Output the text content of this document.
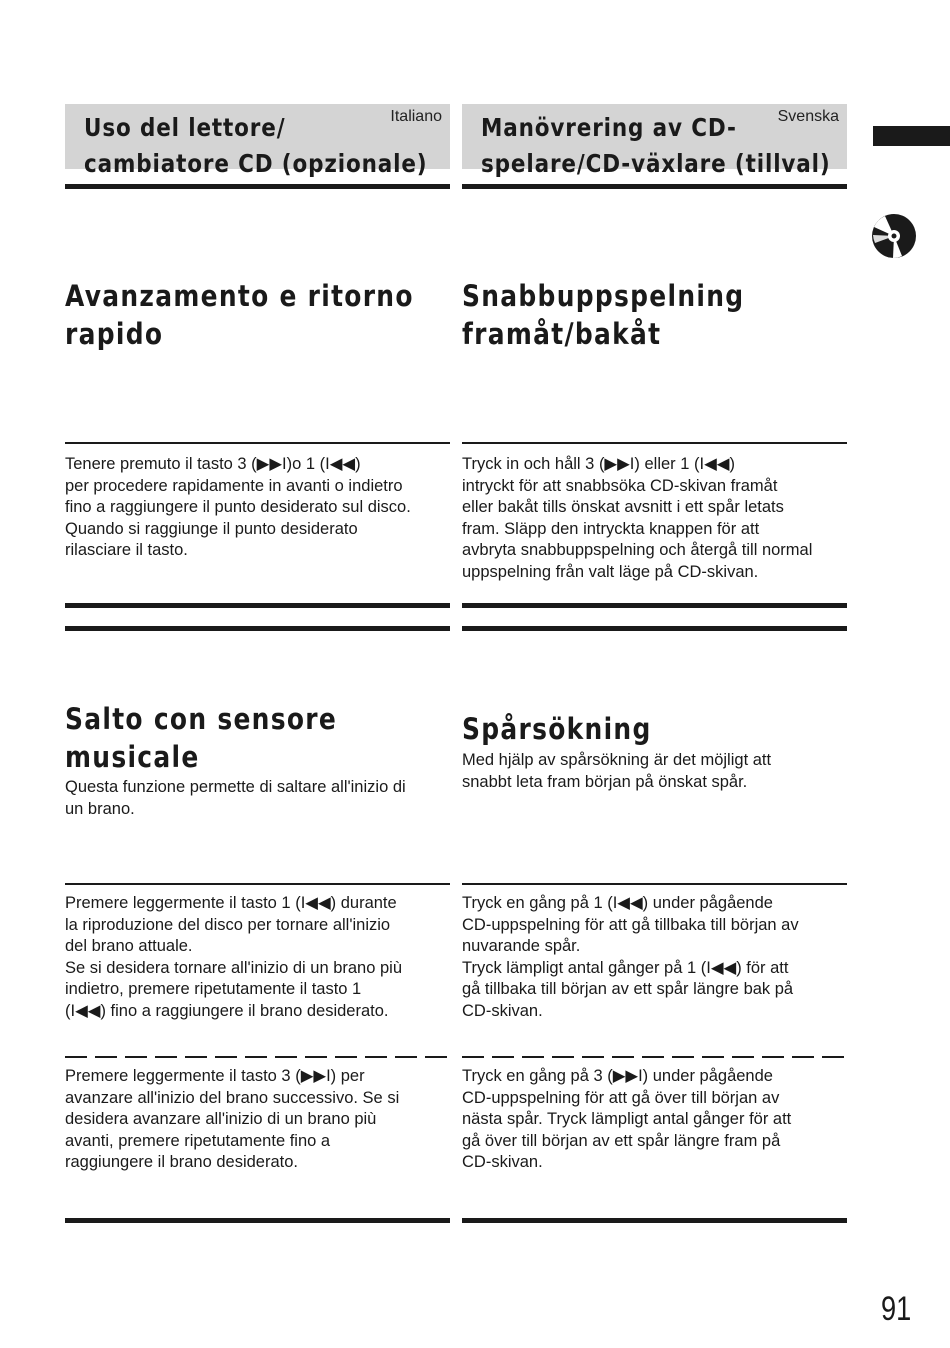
Uso del lettore/
cambiatore CD (opzionale)
Italiano Manövrering av CD-
spelare/CD-växlare (tillval)
Svenska
Avanzamento e ritorno
rapido

Tenere premuto il tasto 3 (▶▶I)o 1 (I◀◀)
per procedere rapidamente in avanti o indietro
fino a raggiungere il punto desiderato sul disco.
Quando si raggiunge il punto desiderato
rilasciare il tasto.

Snabbuppspelning
framåt/bakåt

Tryck in och håll 3 (▶▶I) eller 1 (I◀◀)
intryckt för att snabbsöka CD-skivan framåt
eller bakåt tills önskat avsnitt i ett spår letats
fram. Släpp den intryckta knappen för att
avbryta snabbuppspelning och återgå till normal
uppspelning från valt läge på CD-skivan.

Salto con sensore
musicale

Questa funzione permette di saltare all'inizio di
un brano.

Premere leggermente il tasto 1 (I◀◀) durante
la riproduzione del disco per tornare all'inizio
del brano attuale.
Se si desidera tornare all'inizio di un brano più
indietro, premere ripetutamente il tasto 1
(I◀◀) fino a raggiungere il brano desiderato.

Premere leggermente il tasto 3 (▶▶I) per
avanzare all'inizio del brano successivo. Se si
desidera avanzare all'inizio di un brano più
avanti, premere ripetutamente fino a
raggiungere il brano desiderato.

Spårsökning

Med hjälp av spårsökning är det möjligt att
snabbt leta fram början på önskat spår.

Tryck en gång på 1 (I◀◀) under pågående
CD-uppspelning för att gå tillbaka till början av
nuvarande spår.
Tryck lämpligt antal gånger på 1 (I◀◀) för att
gå tillbaka till början av ett spår längre bak på
CD-skivan.

Tryck en gång på 3 (▶▶I) under pågående
CD-uppspelning för att gå över till början av
nästa spår. Tryck lämpligt antal gånger för att
gå över till början av ett spår längre fram på
CD-skivan.

91
